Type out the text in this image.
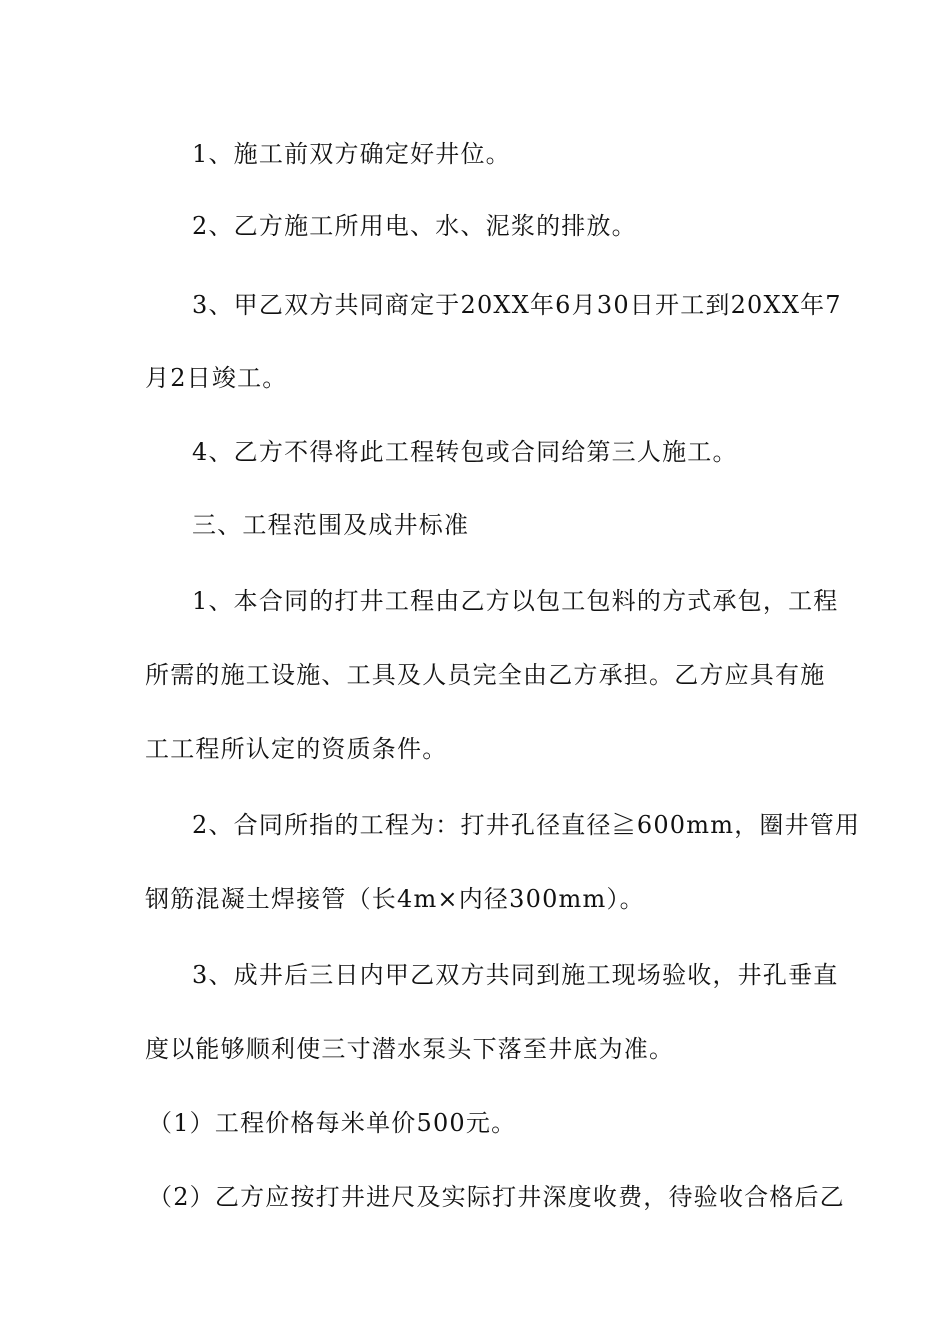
1、施工前双方确定好井位。
2、乙方施工所用电、水、泥浆的排放。
3、甲乙双方共同商定于20XX年6月30日开工到20XX年7
月2日竣工。
4、乙方不得将此工程转包或合同给第三人施工。
三、工程范围及成井标准
1、本合同的打井工程由乙方以包工包料的方式承包，工程
所需的施工设施、工具及人员完全由乙方承担。乙方应具有施
工工程所认定的资质条件。
2、合同所指的工程为：打井孔径直径≧600mm，圈井管用
钢筋混凝土焊接管（长4m×内径300mm）。
3、成井后三日内甲乙双方共同到施工现场验收，井孔垂直
度以能够顺利使三寸潜水泵头下落至井底为准。
（1）工程价格每米单价500元。
（2）乙方应按打井进尺及实际打井深度收费，待验收合格后乙
